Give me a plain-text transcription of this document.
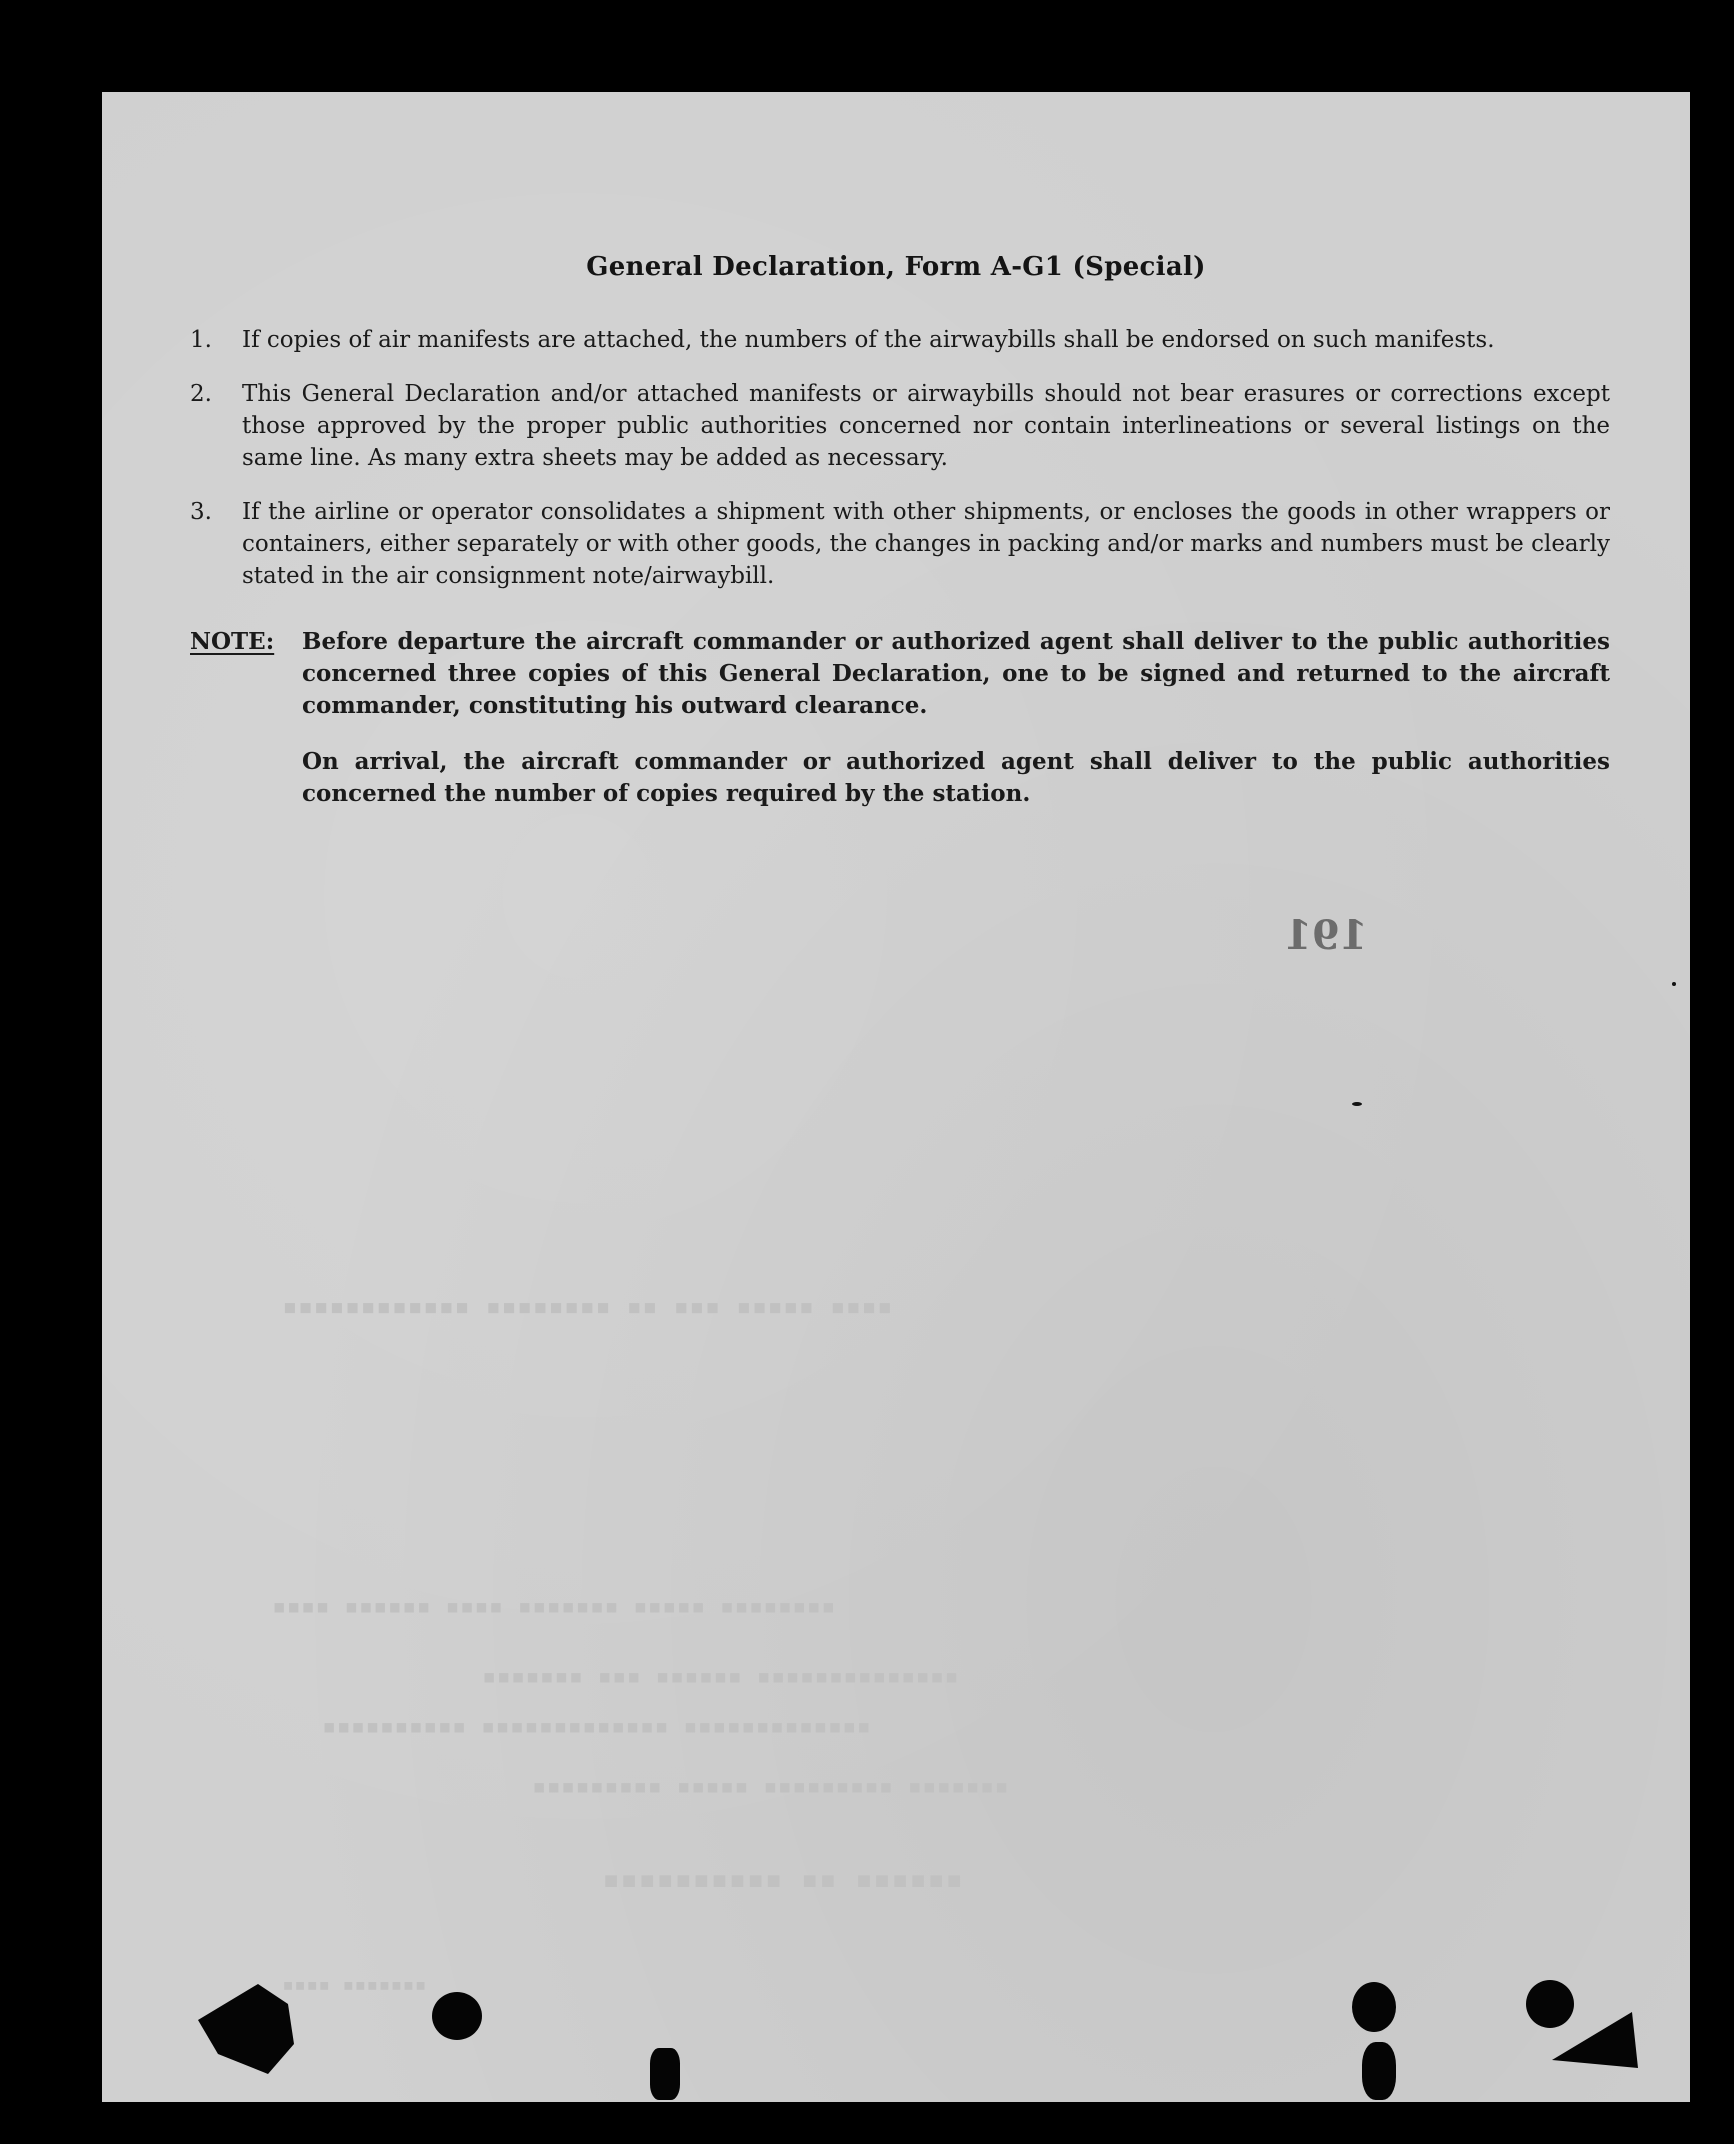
▪▪▪▪▪▪▪▪▪▪▪▪ ▪▪▪▪▪▪▪▪ ▪▪ ▪▪▪ ▪▪▪▪▪ ▪▪▪▪
▪▪▪▪ ▪▪▪▪▪▪ ▪▪▪▪ ▪▪▪▪▪▪▪ ▪▪▪▪▪ ▪▪▪▪▪▪▪▪
▪▪▪▪▪▪▪ ▪▪▪ ▪▪▪▪▪▪ ▪▪▪▪▪▪▪▪▪▪▪▪▪▪
▪▪▪▪▪▪▪▪▪▪ ▪▪▪▪▪▪▪▪▪▪▪▪▪ ▪▪▪▪▪▪▪▪▪▪▪▪▪
▪▪▪▪▪▪▪▪▪ ▪▪▪▪▪ ▪▪▪▪▪▪▪▪▪ ▪▪▪▪▪▪▪
▪▪▪▪▪▪▪▪▪▪ ▪▪ ▪▪▪▪▪▪
▪▪▪▪ ▪▪▪▪▪▪▪
General Declaration, Form A-G1 (Special)
1. If copies of air manifests are attached, the numbers of the airwaybills shall be endorsed on such manifests.
2. This General Declaration and/or attached manifests or airwaybills should not bear erasures or corrections except those approved by the proper public authorities concerned nor contain interlineations or several listings on the same line. As many extra sheets may be added as necessary.
3. If the airline or operator consolidates a shipment with other shipments, or encloses the goods in other wrappers or containers, either separately or with other goods, the changes in packing and/or marks and numbers must be clearly stated in the air consignment note/airwaybill.
NOTE: Before departure the aircraft commander or authorized agent shall deliver to the public authorities concerned three copies of this General Declaration, one to be signed and returned to the aircraft commander, constituting his outward clearance.

On arrival, the aircraft commander or authorized agent shall deliver to the public authorities concerned the number of copies required by the station.

191
